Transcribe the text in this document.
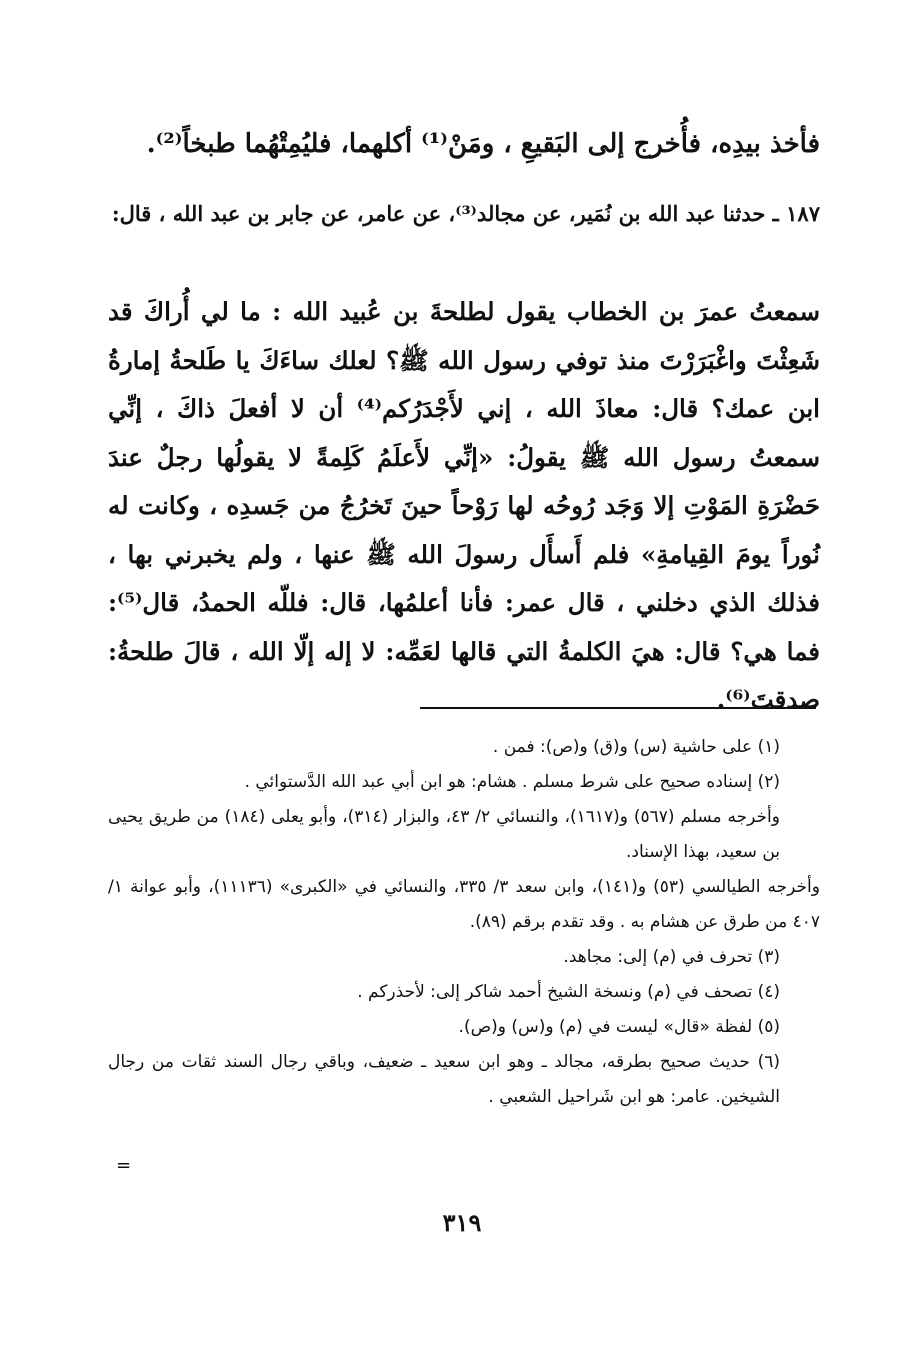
فأخذ بيدِه، فأُخرج إلى البَقيعِ ، ومَنْ⁽¹⁾ أكلهما، فليُمِتْهُما طبخاً⁽²⁾.

١٨٧ ـ حدثنا عبد الله بن نُمَير، عن مجالد⁽³⁾، عن عامر، عن جابر بن عبد الله ، قال:

سمعتُ عمرَ بن الخطاب يقول لطلحةَ بن عُبيد الله : ما لي أُراكَ قد شَعِثْتَ واغْبَرَرْتَ منذ توفي رسول الله ﷺ؟ لعلك ساءَكَ يا طَلحةُ إمارةُ ابن عمك؟ قال: معاذَ الله ، إني لأَجْدَرُكم⁽⁴⁾ أن لا أفعلَ ذاكَ ، إنِّي سمعتُ رسول الله ﷺ يقولُ: «إنِّي لأَعلَمُ كَلِمةً لا يقولُها رجلٌ عندَ حَضْرَةِ المَوْتِ إلا وَجَد رُوحُه لها رَوْحاً حينَ تَخرُجُ من جَسدِه ، وكانت له نُوراً يومَ القِيامةِ» فلم أَسأَل رسولَ الله ﷺ عنها ، ولم يخبرني بها ، فذلك الذي دخلني ، قال عمر: فأنا أعلمُها، قال: فللّه الحمدُ، قال⁽⁵⁾: فما هي؟ قال: هيَ الكلمةُ التي قالها لعَمِّه: لا إله إلّا الله ، قالَ طلحةُ: صدقتَ⁽⁶⁾.

(١) على حاشية (س) و(ق) و(ص): فمن .

(٢) إسناده صحيح على شرط مسلم . هشام: هو ابن أبي عبد الله الدَّستوائي .

وأخرجه مسلم (٥٦٧) و(١٦١٧)، والنسائي ٢/ ٤٣، والبزار (٣١٤)، وأبو يعلى (١٨٤) من طريق يحيى بن سعيد، بهذا الإسناد.

وأخرجه الطيالسي (٥٣) و(١٤١)، وابن سعد ٣/ ٣٣٥، والنسائي في «الكبرى» (١١١٣٦)، وأبو عوانة ١/ ٤٠٧ من طرق عن هشام به . وقد تقدم برقم (٨٩).

(٣) تحرف في (م) إلى: مجاهد.

(٤) تصحف في (م) ونسخة الشيخ أحمد شاكر إلى: لأحذركم .

(٥) لفظة «قال» ليست في (م) و(س) و(ص).

(٦) حديث صحيح بطرقه، مجالد ـ وهو ابن سعيد ـ ضعيف، وباقي رجال السند ثقات من رجال الشيخين. عامر: هو ابن شَراحيل الشعبي .

=
٣١٩
